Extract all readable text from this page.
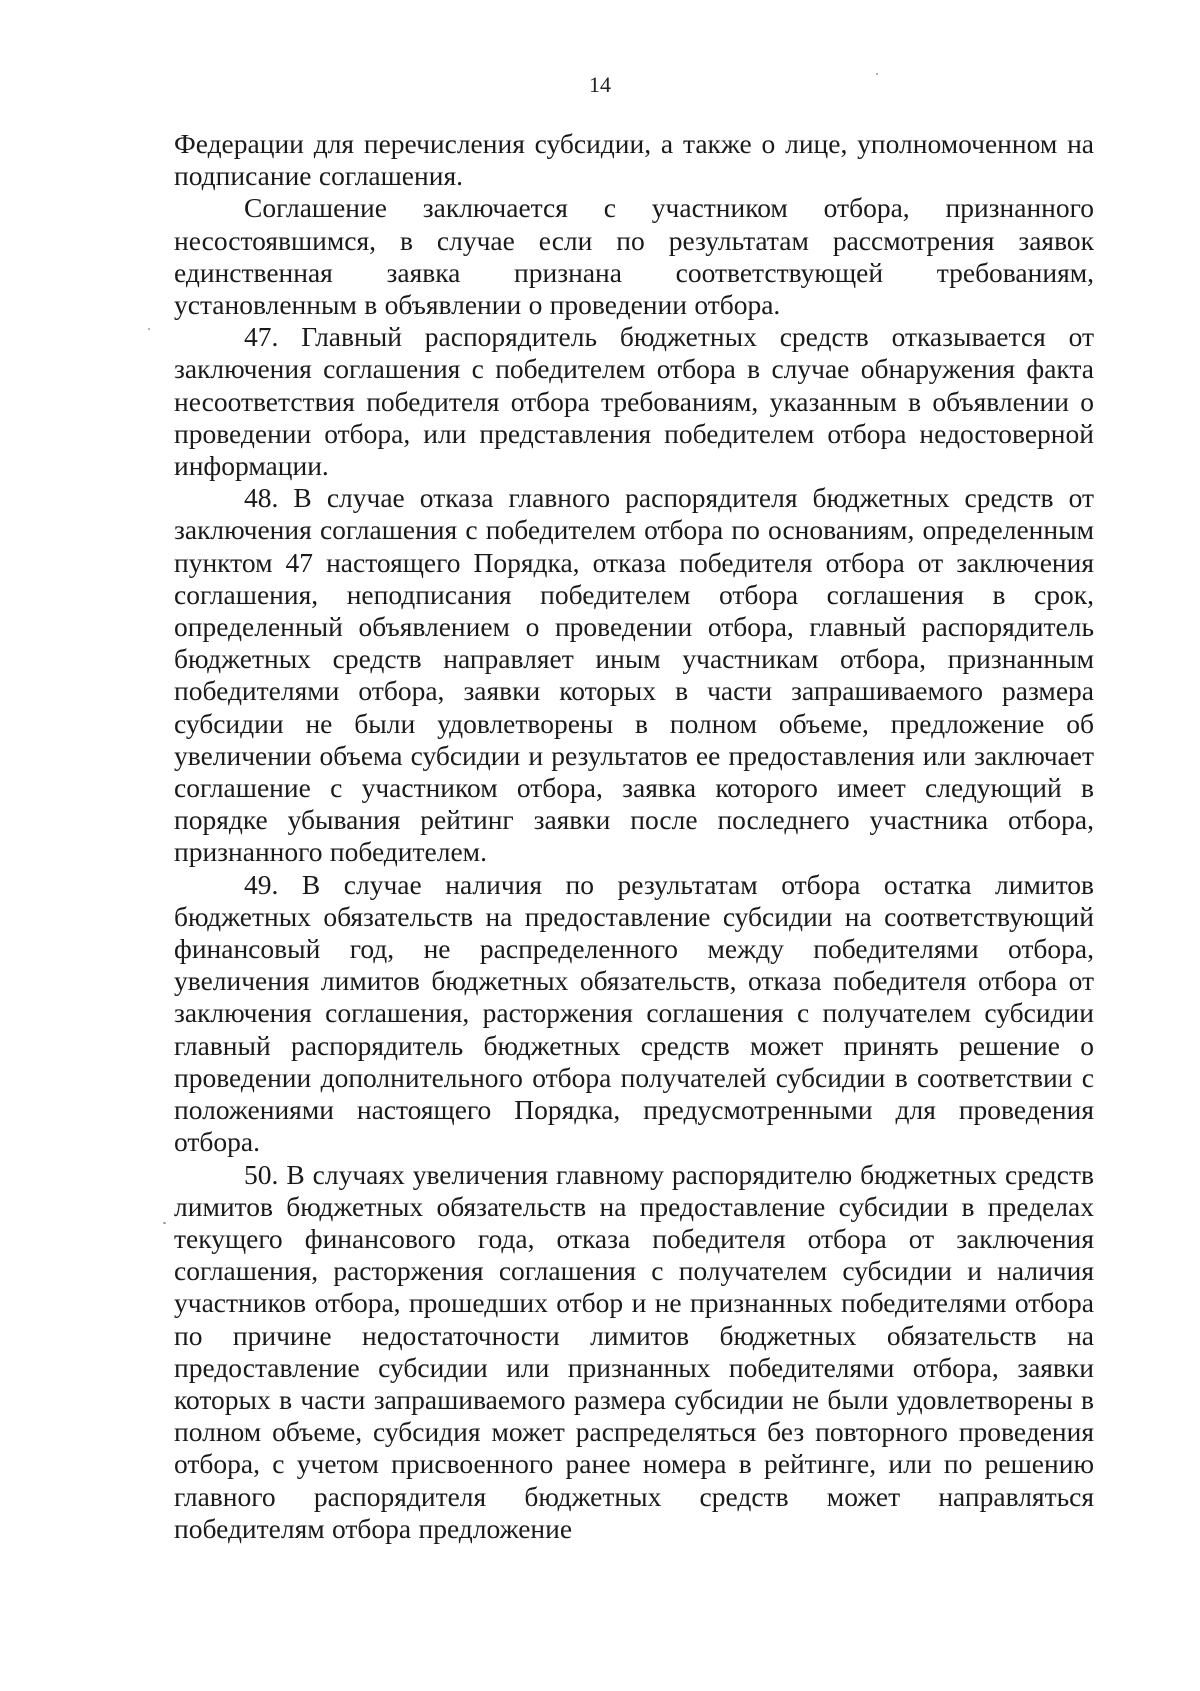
14

Федерации для перечисления субсидии, а также о лице, уполномоченном на подписание соглашения.

Соглашение заключается с участником отбора, признанного несостоявшимся, в случае если по результатам рассмотрения заявок единственная заявка признана соответствующей требованиям, установленным в объявлении о проведении отбора.

47. Главный распорядитель бюджетных средств отказывается от заключения соглашения с победителем отбора в случае обнаружения факта несоответствия победителя отбора требованиям, указанным в объявлении о проведении отбора, или представления победителем отбора недостоверной информации.

48. В случае отказа главного распорядителя бюджетных средств от заключения соглашения с победителем отбора по основаниям, определенным пунктом 47 настоящего Порядка, отказа победителя отбора от заключения соглашения, неподписания победителем отбора соглашения в срок, определенный объявлением о проведении отбора, главный распорядитель бюджетных средств направляет иным участникам отбора, признанным победителями отбора, заявки которых в части запрашиваемого размера субсидии не были удовлетворены в полном объеме, предложение об увеличении объема субсидии и результатов ее предоставления или заключает соглашение с участником отбора, заявка которого имеет следующий в порядке убывания рейтинг заявки после последнего участника отбора, признанного победителем.

49. В случае наличия по результатам отбора остатка лимитов бюджетных обязательств на предоставление субсидии на соответствующий финансовый год, не распределенного между победителями отбора, увеличения лимитов бюджетных обязательств, отказа победителя отбора от заключения соглашения, расторжения соглашения с получателем субсидии главный распорядитель бюджетных средств может принять решение о проведении дополнительного отбора получателей субсидии в соответствии с положениями настоящего Порядка, предусмотренными для проведения отбора.

50. В случаях увеличения главному распорядителю бюджетных средств лимитов бюджетных обязательств на предоставление субсидии в пределах текущего финансового года, отказа победителя отбора от заключения соглашения, расторжения соглашения с получателем субсидии и наличия участников отбора, прошедших отбор и не признанных победителями отбора по причине недостаточности лимитов бюджетных обязательств на предоставление субсидии или признанных победителями отбора, заявки которых в части запрашиваемого размера субсидии не были удовлетворены в полном объеме, субсидия может распределяться без повторного проведения отбора, с учетом присвоенного ранее номера в рейтинге, или по решению главного распорядителя бюджетных средств может направляться победителям отбора предложение
